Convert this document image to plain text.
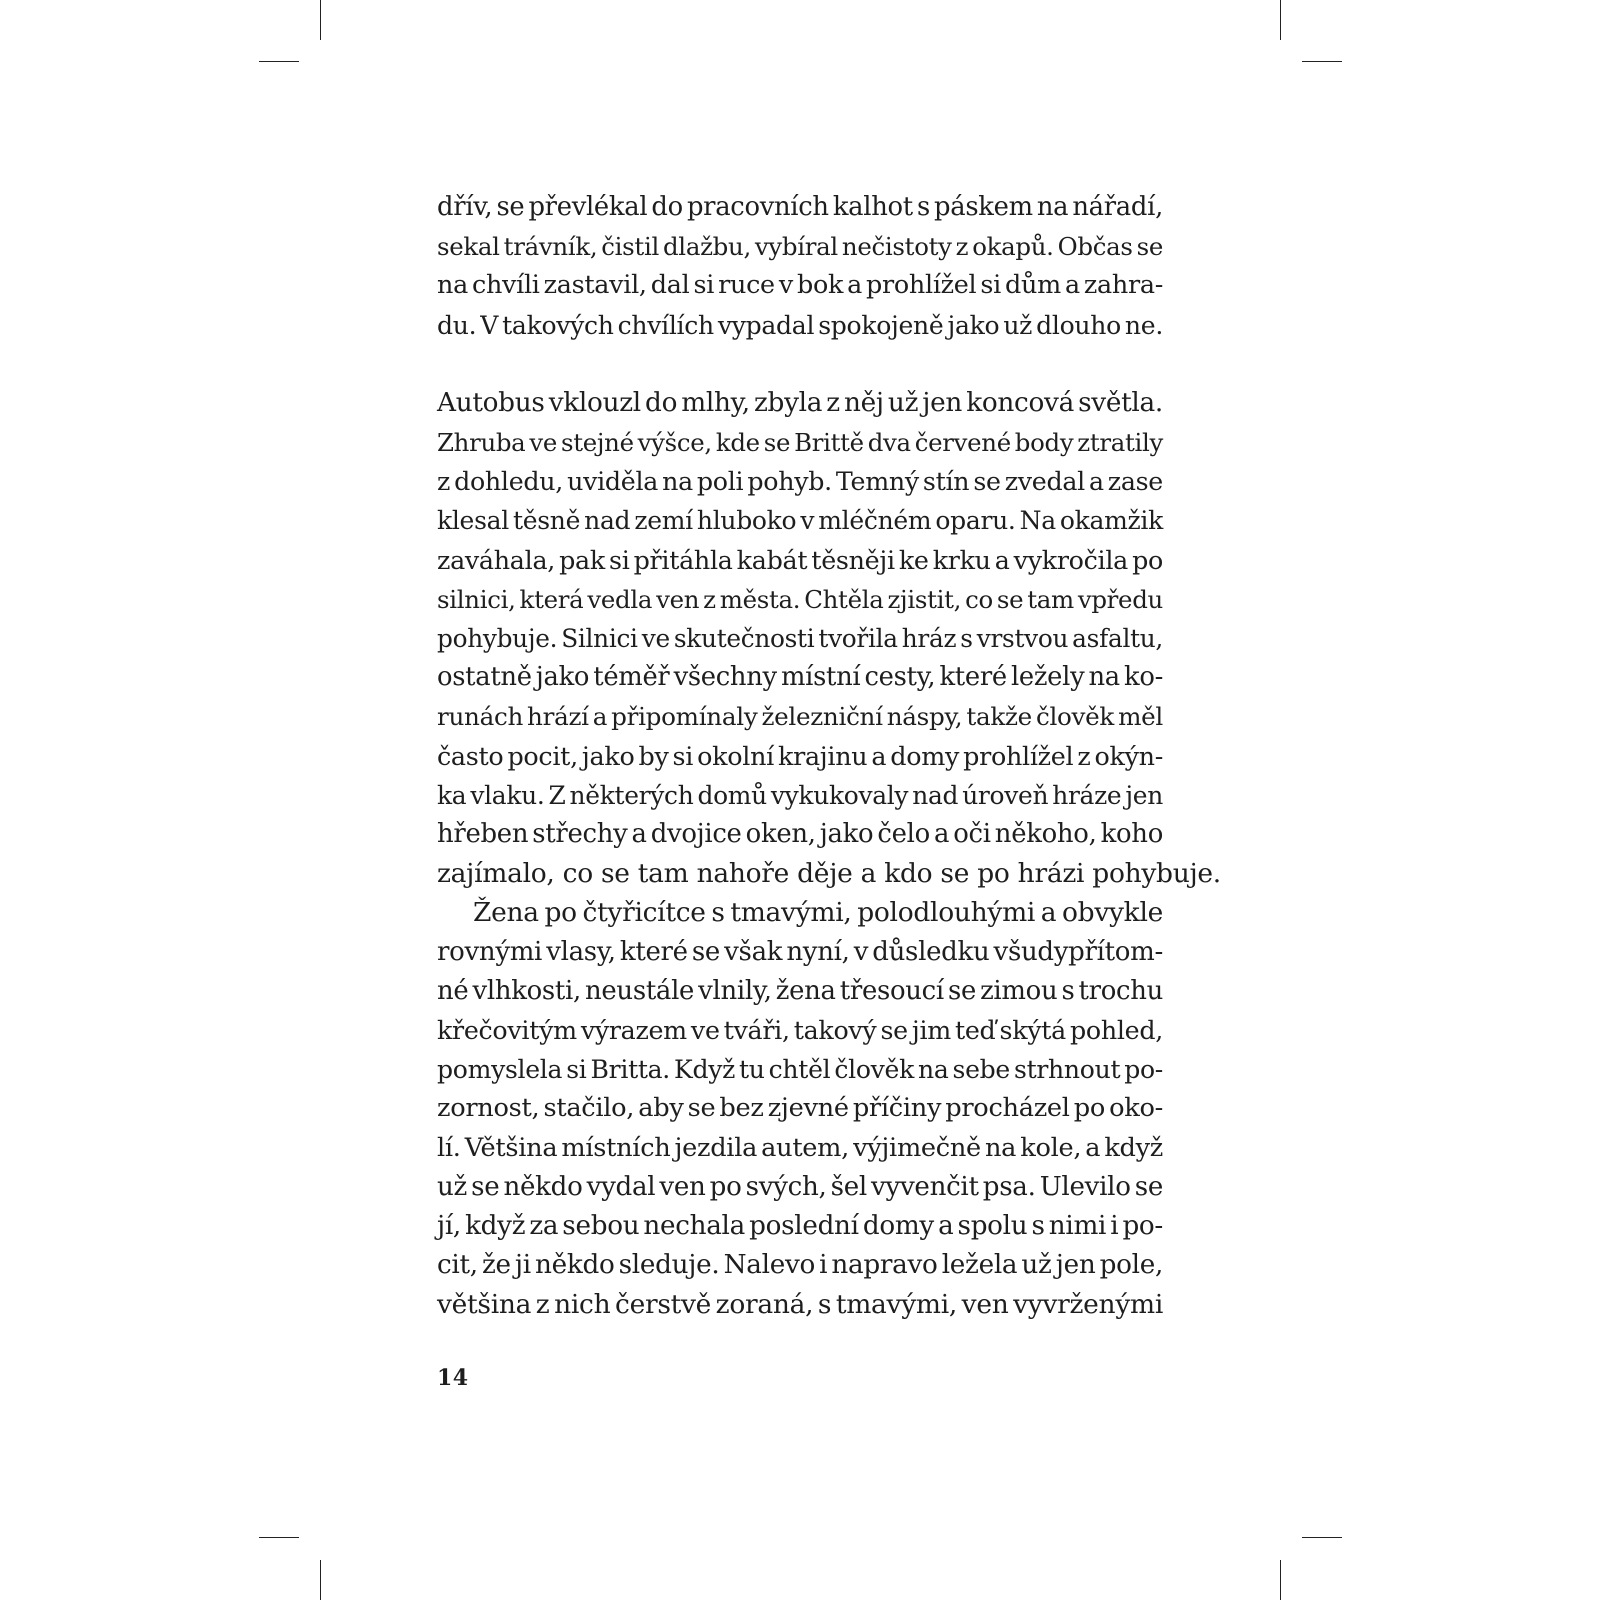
dřív, se převlékal do pracovních kalhot s páskem na nářadí,
sekal trávník, čistil dlažbu, vybíral nečistoty z okapů. Občas se
na chvíli zastavil, dal si ruce v bok a prohlížel si dům a zahra-
du. V takových chvílích vypadal spokojeně jako už dlouho ne.

Autobus vklouzl do mlhy, zbyla z něj už jen koncová světla.
Zhruba ve stejné výšce, kde se Brittě dva červené body ztratily
z dohledu, uviděla na poli pohyb. Temný stín se zvedal a zase
klesal těsně nad zemí hluboko v mléčném oparu. Na okamžik
zaváhala, pak si přitáhla kabát těsněji ke krku a vykročila po
silnici, která vedla ven z města. Chtěla zjistit, co se tam vpředu
pohybuje. Silnici ve skutečnosti tvořila hráz s vrstvou asfaltu,
ostatně jako téměř všechny místní cesty, které ležely na ko-
runách hrází a připomínaly železniční náspy, takže člověk měl
často pocit, jako by si okolní krajinu a domy prohlížel z okýn-
ka vlaku. Z některých domů vykukovaly nad úroveň hráze jen
hřeben střechy a dvojice oken, jako čelo a oči někoho, koho
zajímalo, co se tam nahoře děje a kdo se po hrázi pohybuje.

Žena po čtyřicítce s tmavými, polodlouhými a obvykle
rovnými vlasy, které se však nyní, v důsledku všudypřítom-
né vlhkosti, neustále vlnily, žena třesoucí se zimou s trochu
křečovitým výrazem ve tváři, takový se jim teď skýtá pohled,
pomyslela si Britta. Když tu chtěl člověk na sebe strhnout po-
zornost, stačilo, aby se bez zjevné příčiny procházel po oko-
lí. Většina místních jezdila autem, výjimečně na kole, a když
už se někdo vydal ven po svých, šel vyvenčit psa. Ulevilo se
jí, když za sebou nechala poslední domy a spolu s nimi i po-
cit, že ji někdo sleduje. Nalevo i napravo ležela už jen pole,
většina z nich čerstvě zoraná, s tmavými, ven vyvrženými

14
